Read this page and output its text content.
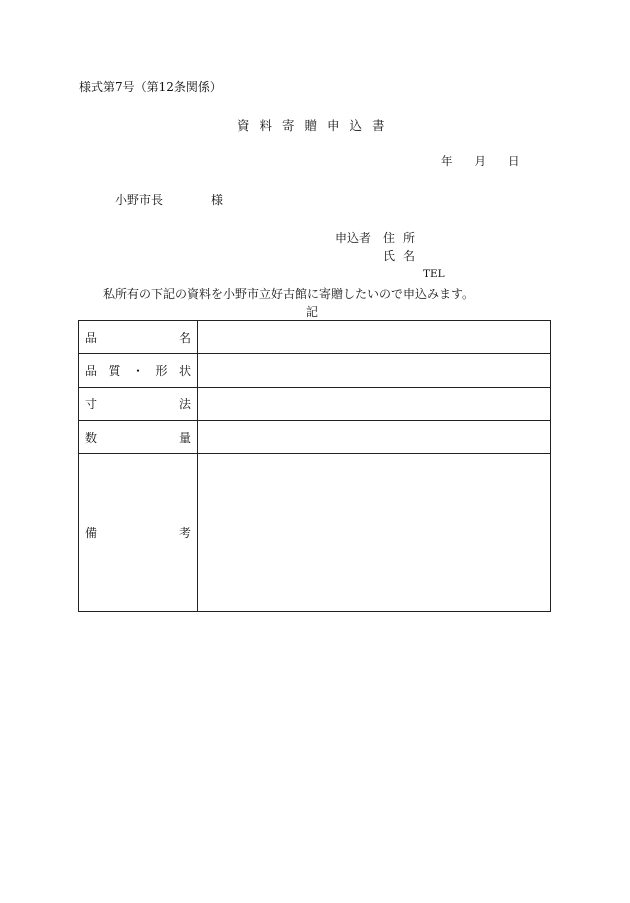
様式第7号（第12条関係）
資料寄贈申込書
年 月 日
小野市長	様
申込者 住所
氏名
TEL
私所有の下記の資料を小野市立好古館に寄贈したいので申込みます。
記
品 名	

品 質 ・ 形 状	

寸 法	

数 量	

備 考	
